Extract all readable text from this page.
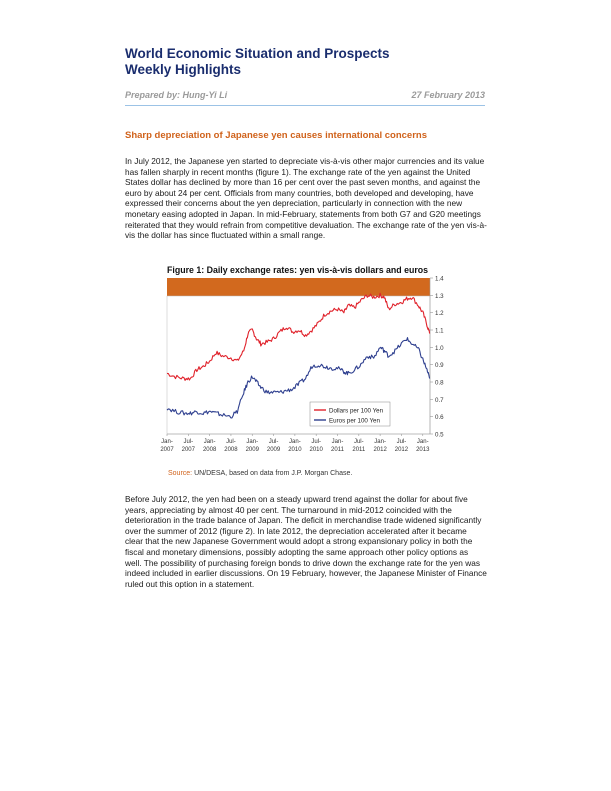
World Economic Situation and Prospects
Weekly Highlights
Prepared by: Hung-Yi Li	27 February 2013
Sharp depreciation of Japanese yen causes international concerns

In July 2012, the Japanese yen started to depreciate vis-à-vis other major currencies and its value has fallen sharply in recent months (figure 1). The exchange rate of the yen against the United States dollar has declined by more than 16 per cent over the past seven months, and against the euro by about 24 per cent. Officials from many countries, both developed and developing, have expressed their concerns about the yen depreciation, particularly in connection with the new monetary easing adopted in Japan. In mid-February, statements from both G7 and G20 meetings reiterated that they would refrain from competitive devaluation. The exchange rate of the yen vis-à-vis the dollar has since fluctuated within a small range.

Figure 1: Daily exchange rates: yen vis-à-vis dollars and euros
0.5
0.6
0.7
0.8
0.9
1.0
1.1
1.2
1.3
1.4
Jan-
2007
Jul-
2007
Jan-
2008
Jul-
2008
Jan-
2009
Jul-
2009
Jan-
2010
Jul-
2010
Jan-
2011
Jul-
2011
Jan-
2012
Jul-
2012
Jan-
2013
Dollars per 100 Yen
Euros per 100 Yen
Source: UN/DESA, based on data from J.P. Morgan Chase.

Before July 2012, the yen had been on a steady upward trend against the dollar for about five years, appreciating by almost 40 per cent. The turnaround in mid-2012 coincided with the deterioration in the trade balance of Japan. The deficit in merchandise trade widened significantly over the summer of 2012 (figure 2). In late 2012, the depreciation accelerated after it became clear that the new Japanese Government would adopt a strong expansionary policy in both the fiscal and monetary dimensions, possibly adopting the same approach other policy options as well. The possibility of purchasing foreign bonds to drive down the exchange rate for the yen was indeed included in earlier discussions. On 19 February, however, the Japanese Minister of Finance ruled out this option in a statement.
